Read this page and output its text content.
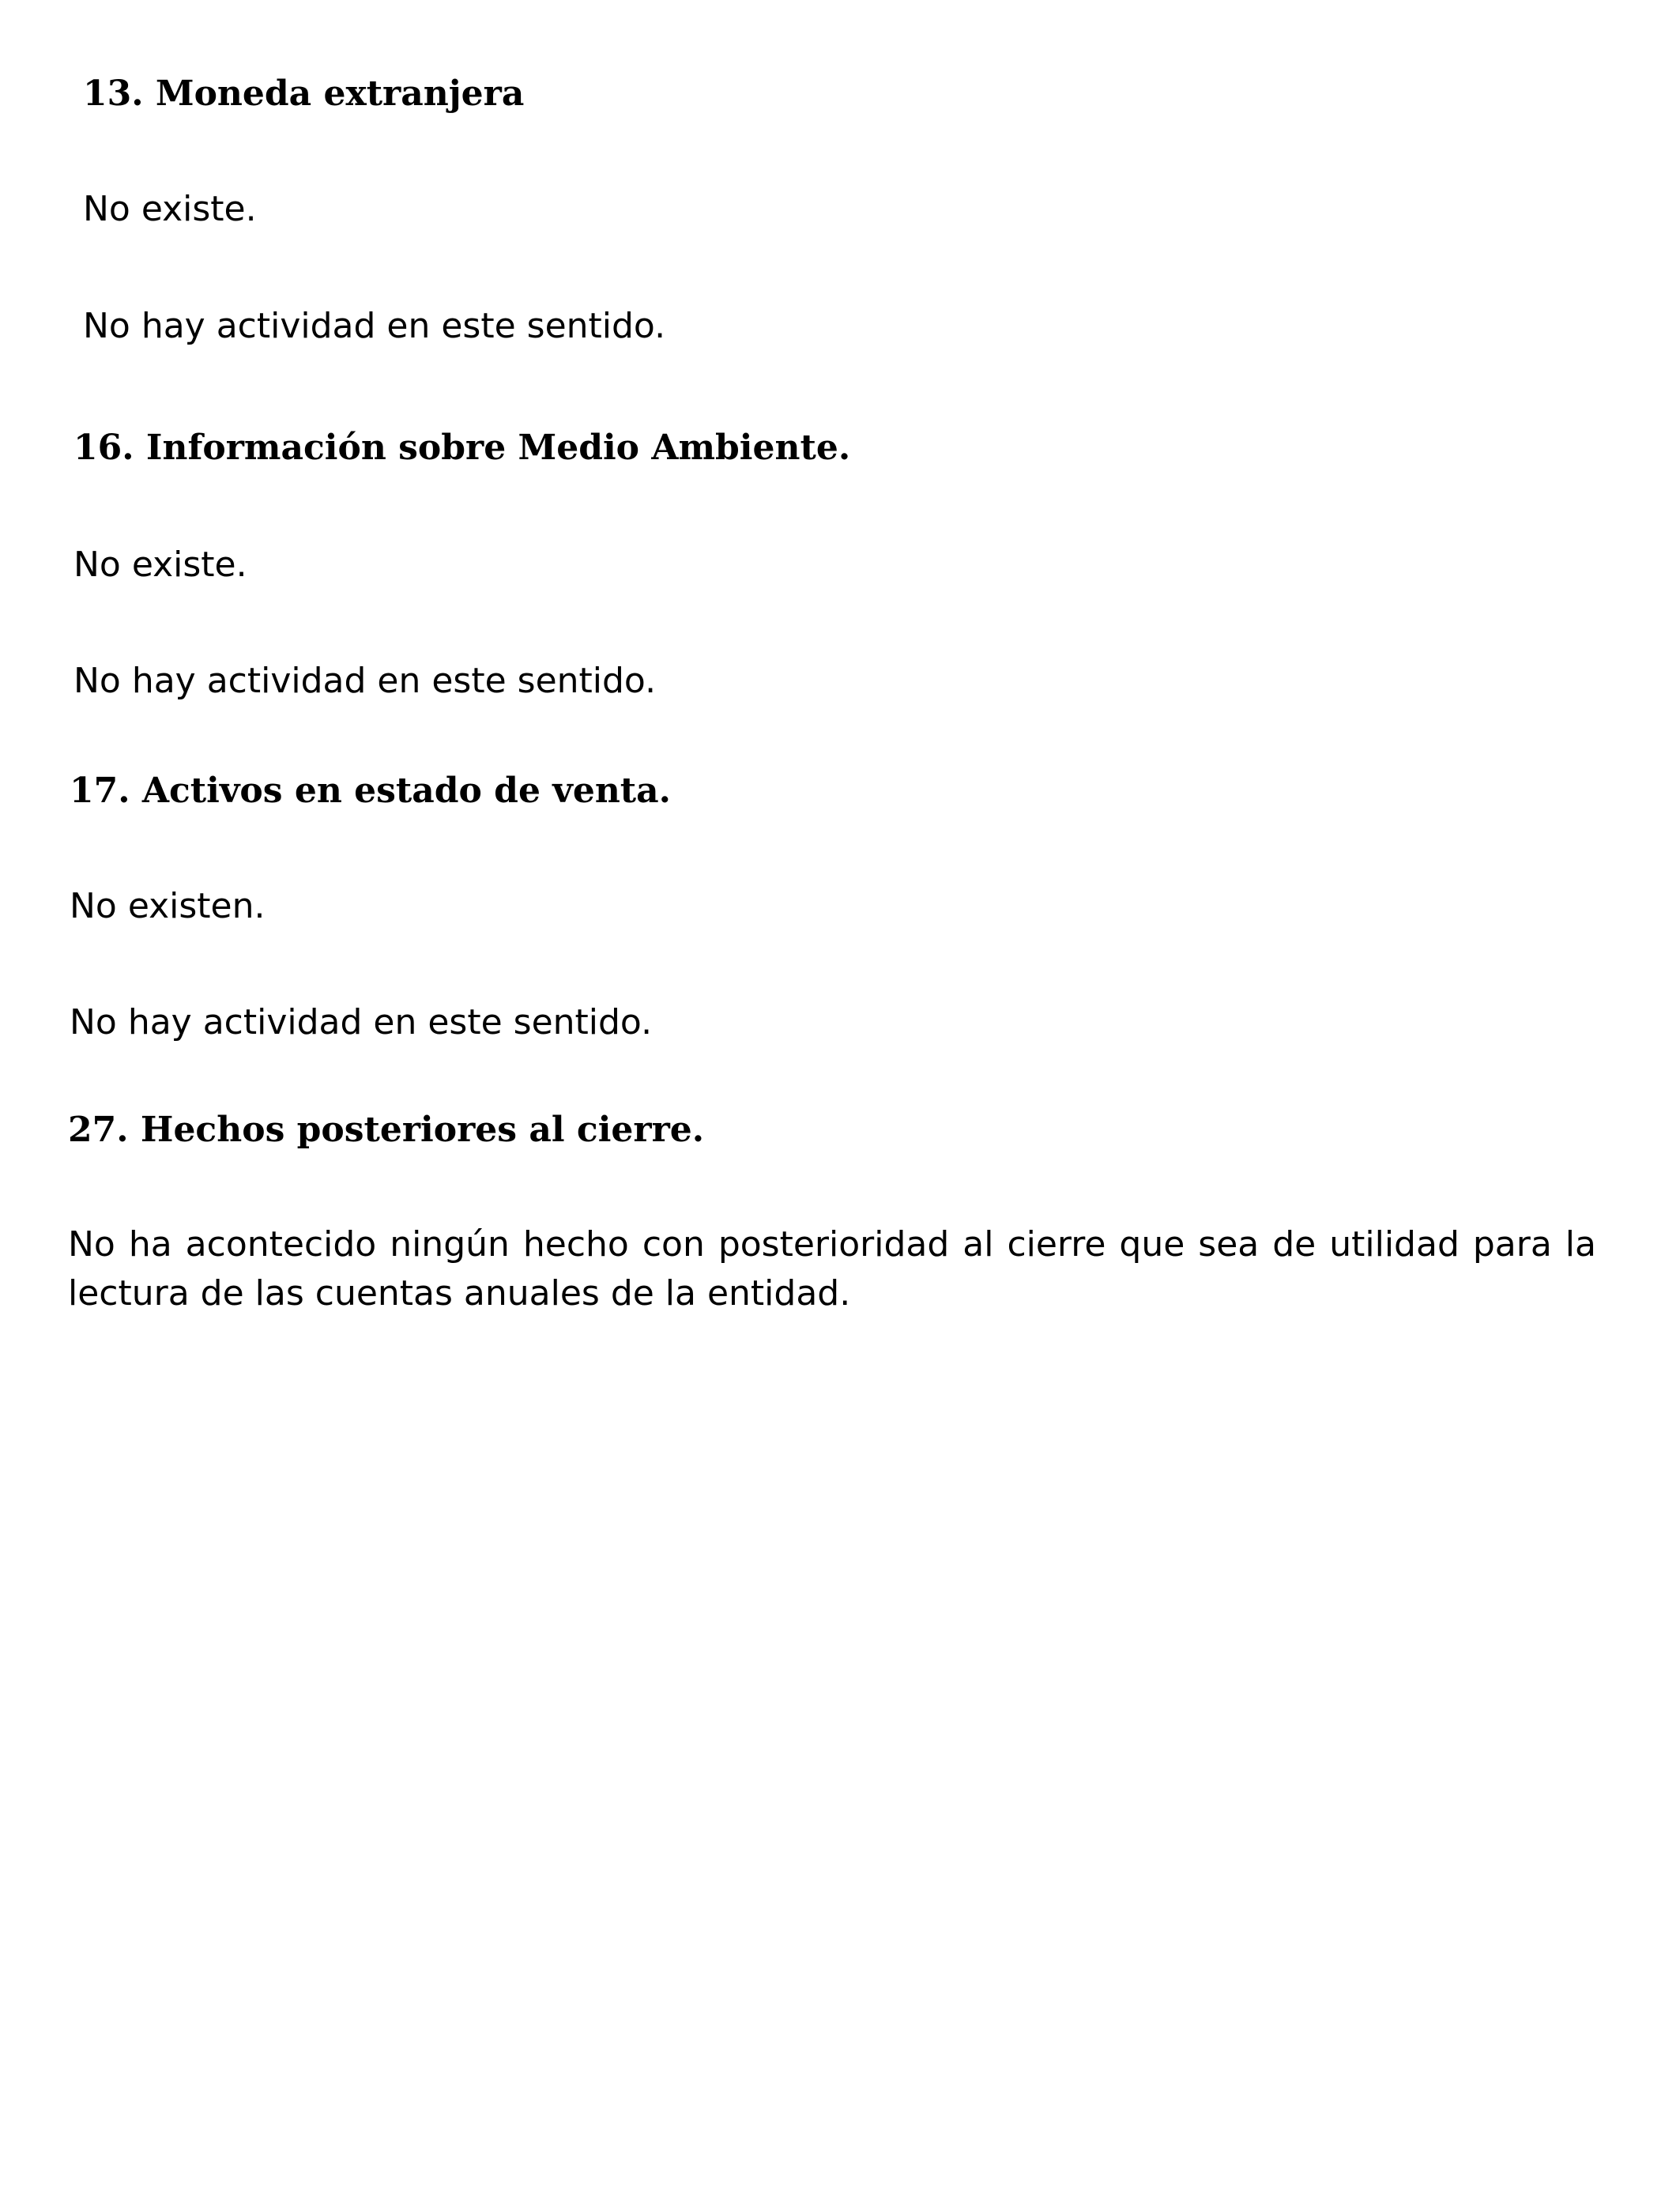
13. Moneda extranjera

No existe.

No hay actividad en este sentido.

16. Información sobre Medio Ambiente.

No existe.

No hay actividad en este sentido.

17. Activos en estado de venta.

No existen.

No hay actividad en este sentido.

27. Hechos posteriores al cierre.

No ha acontecido ningún hecho con posterioridad al cierre que sea de utilidad para la lectura de las cuentas anuales de la entidad.
